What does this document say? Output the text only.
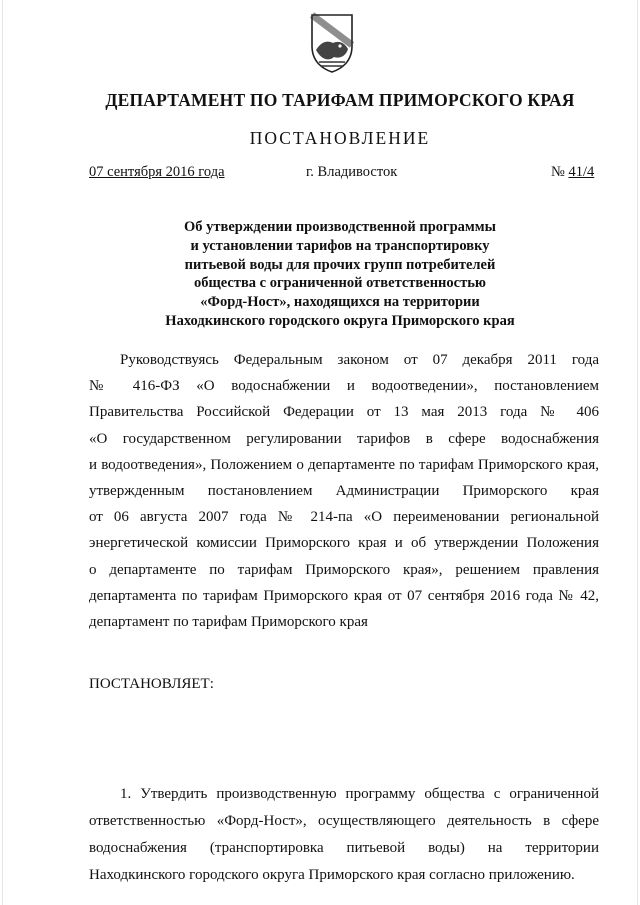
ДЕПАРТАМЕНТ ПО ТАРИФАМ ПРИМОРСКОГО КРАЯ
ПОСТАНОВЛЕНИЕ
07 сентября 2016 года	г. Владивосток	№ 41/4
Об утверждении производственной программы
и установлении тарифов на транспортировку
питьевой воды для прочих групп потребителей
общества с ограниченной ответственностью
«Форд-Ност», находящихся на территории
Находкинского городского округа Приморского края
Руководствуясь Федеральным законом от 07 декабря 2011 года
№ 416-ФЗ «О водоснабжении и водоотведении», постановлением
Правительства Российской Федерации от 13 мая 2013 года № 406
«О государственном регулировании тарифов в сфере водоснабжения
и водоотведения», Положением о департаменте по тарифам Приморского края,
утвержденным постановлением Администрации Приморского края
от 06 августа 2007 года № 214-па «О переименовании региональной
энергетической комиссии Приморского края и об утверждении Положения
о департаменте по тарифам Приморского края», решением правления
департамента по тарифам Приморского края от 07 сентября 2016 года № 42,
департамент по тарифам Приморского края
ПОСТАНОВЛЯЕТ:
1. Утвердить производственную программу общества с ограниченной
ответственностью «Форд-Ност», осуществляющего деятельность в сфере
водоснабжения (транспортировка питьевой воды) на территории
Находкинского городского округа Приморского края согласно приложению.
